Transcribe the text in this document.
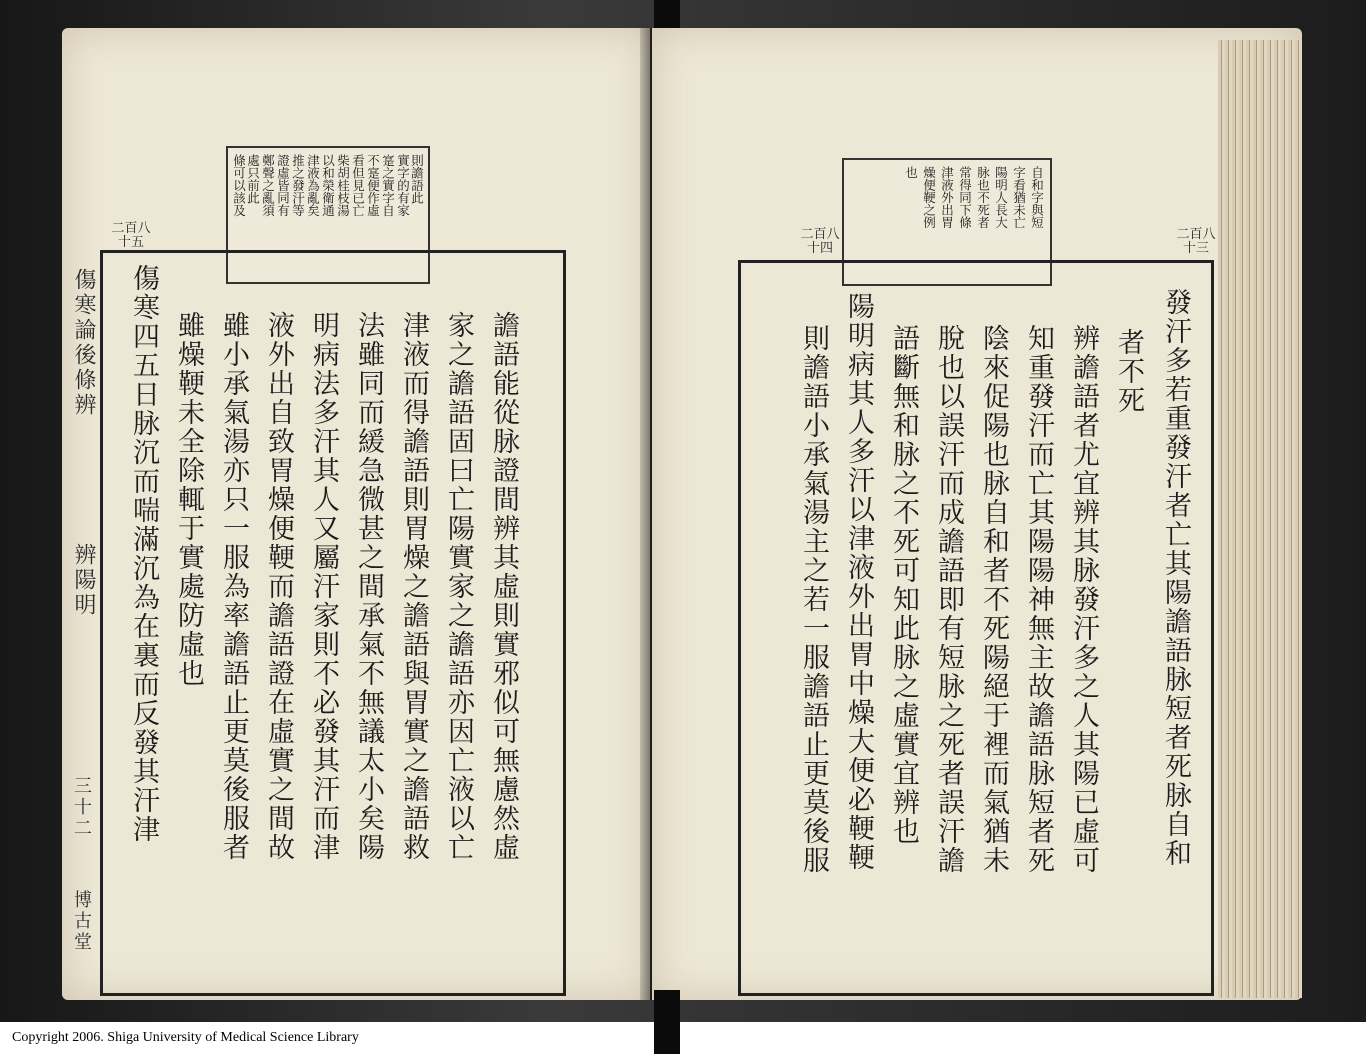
傷寒論後條辨
辨陽明
三十二
博古堂
則譫語此
實字的有家
寔之實字自
不寔便作虛
看但見已亡
柴胡桂枝湯
以和榮衛通
津液為亂矣
推之發汗等
證虛皆同有
鄭聲之亂須
處只前此
條可以該及
二百八十五
譫語能從脉證間辨其虛則實邪似可無慮然虛
家之譫語固曰亡陽實家之譫語亦因亡液以亡
津液而得譫語則胃燥之譫語與胃實之譫語救
法雖同而緩急微甚之間承氣不無議太小矣陽
明病法多汗其人又屬汗家則不必發其汗而津
液外出自致胃燥便鞕而譫語證在虛實之間故
雖小承氣湯亦只一服為率譫語止更莫後服者
雖燥鞕未全除輒于實處防虛也
傷寒四五日脉沉而喘滿沉為在裏而反發其汗津
自和字與短
字看猶未亡
陽明人長大
脉也不死者
常得同下條
津液外出胃
燥便鞕之例
也
二百八十四
二百八十三
發汗多若重發汗者亡其陽譫語脉短者死脉自和
者不死
辨譫語者尤宜辨其脉發汗多之人其陽已虛可
知重發汗而亡其陽陽神無主故譫語脉短者死
陰來促陽也脉自和者不死陽絕于裡而氣猶未
脫也以誤汗而成譫語即有短脉之死者誤汗譫
語斷無和脉之不死可知此脉之虛實宜辨也
陽明病其人多汗以津液外出胃中燥大便必鞕鞕
則譫語小承氣湯主之若一服譫語止更莫後服
Copyright 2006. Shiga University of Medical Science Library
